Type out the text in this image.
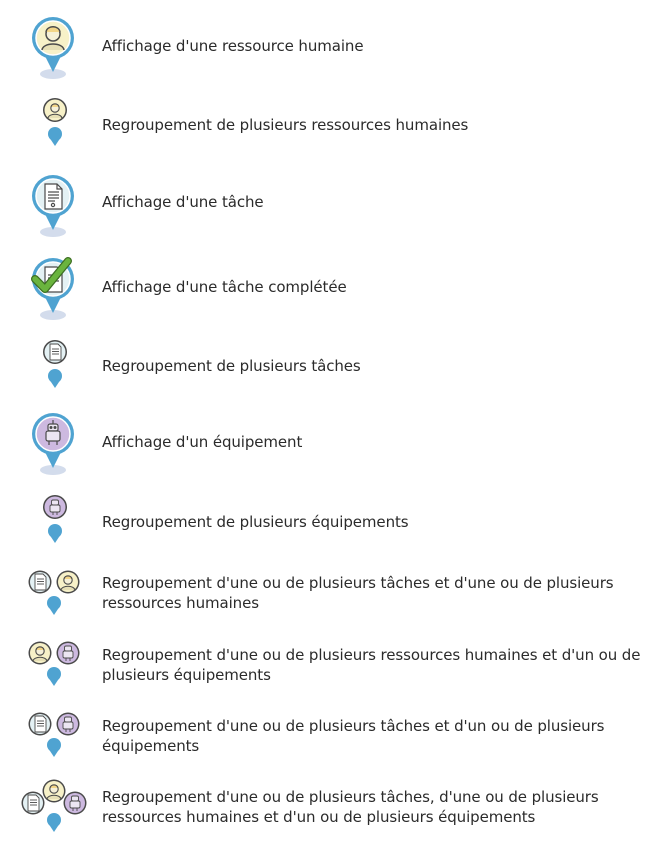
Affichage d'une ressource humaine
Regroupement de plusieurs ressources humaines
Affichage d'une tâche
Affichage d'une tâche complétée
Regroupement de plusieurs tâches
Affichage d'un équipement
Regroupement de plusieurs équipements
Regroupement d'une ou de plusieurs tâches et d'une ou de plusieurs ressources humaines
Regroupement d'une ou de plusieurs ressources humaines et d'un ou de plusieurs équipements
Regroupement d'une ou de plusieurs tâches et d'un ou de plusieurs équipements
Regroupement d'une ou de plusieurs tâches, d'une ou de plusieurs ressources humaines et d'un ou de plusieurs équipements
